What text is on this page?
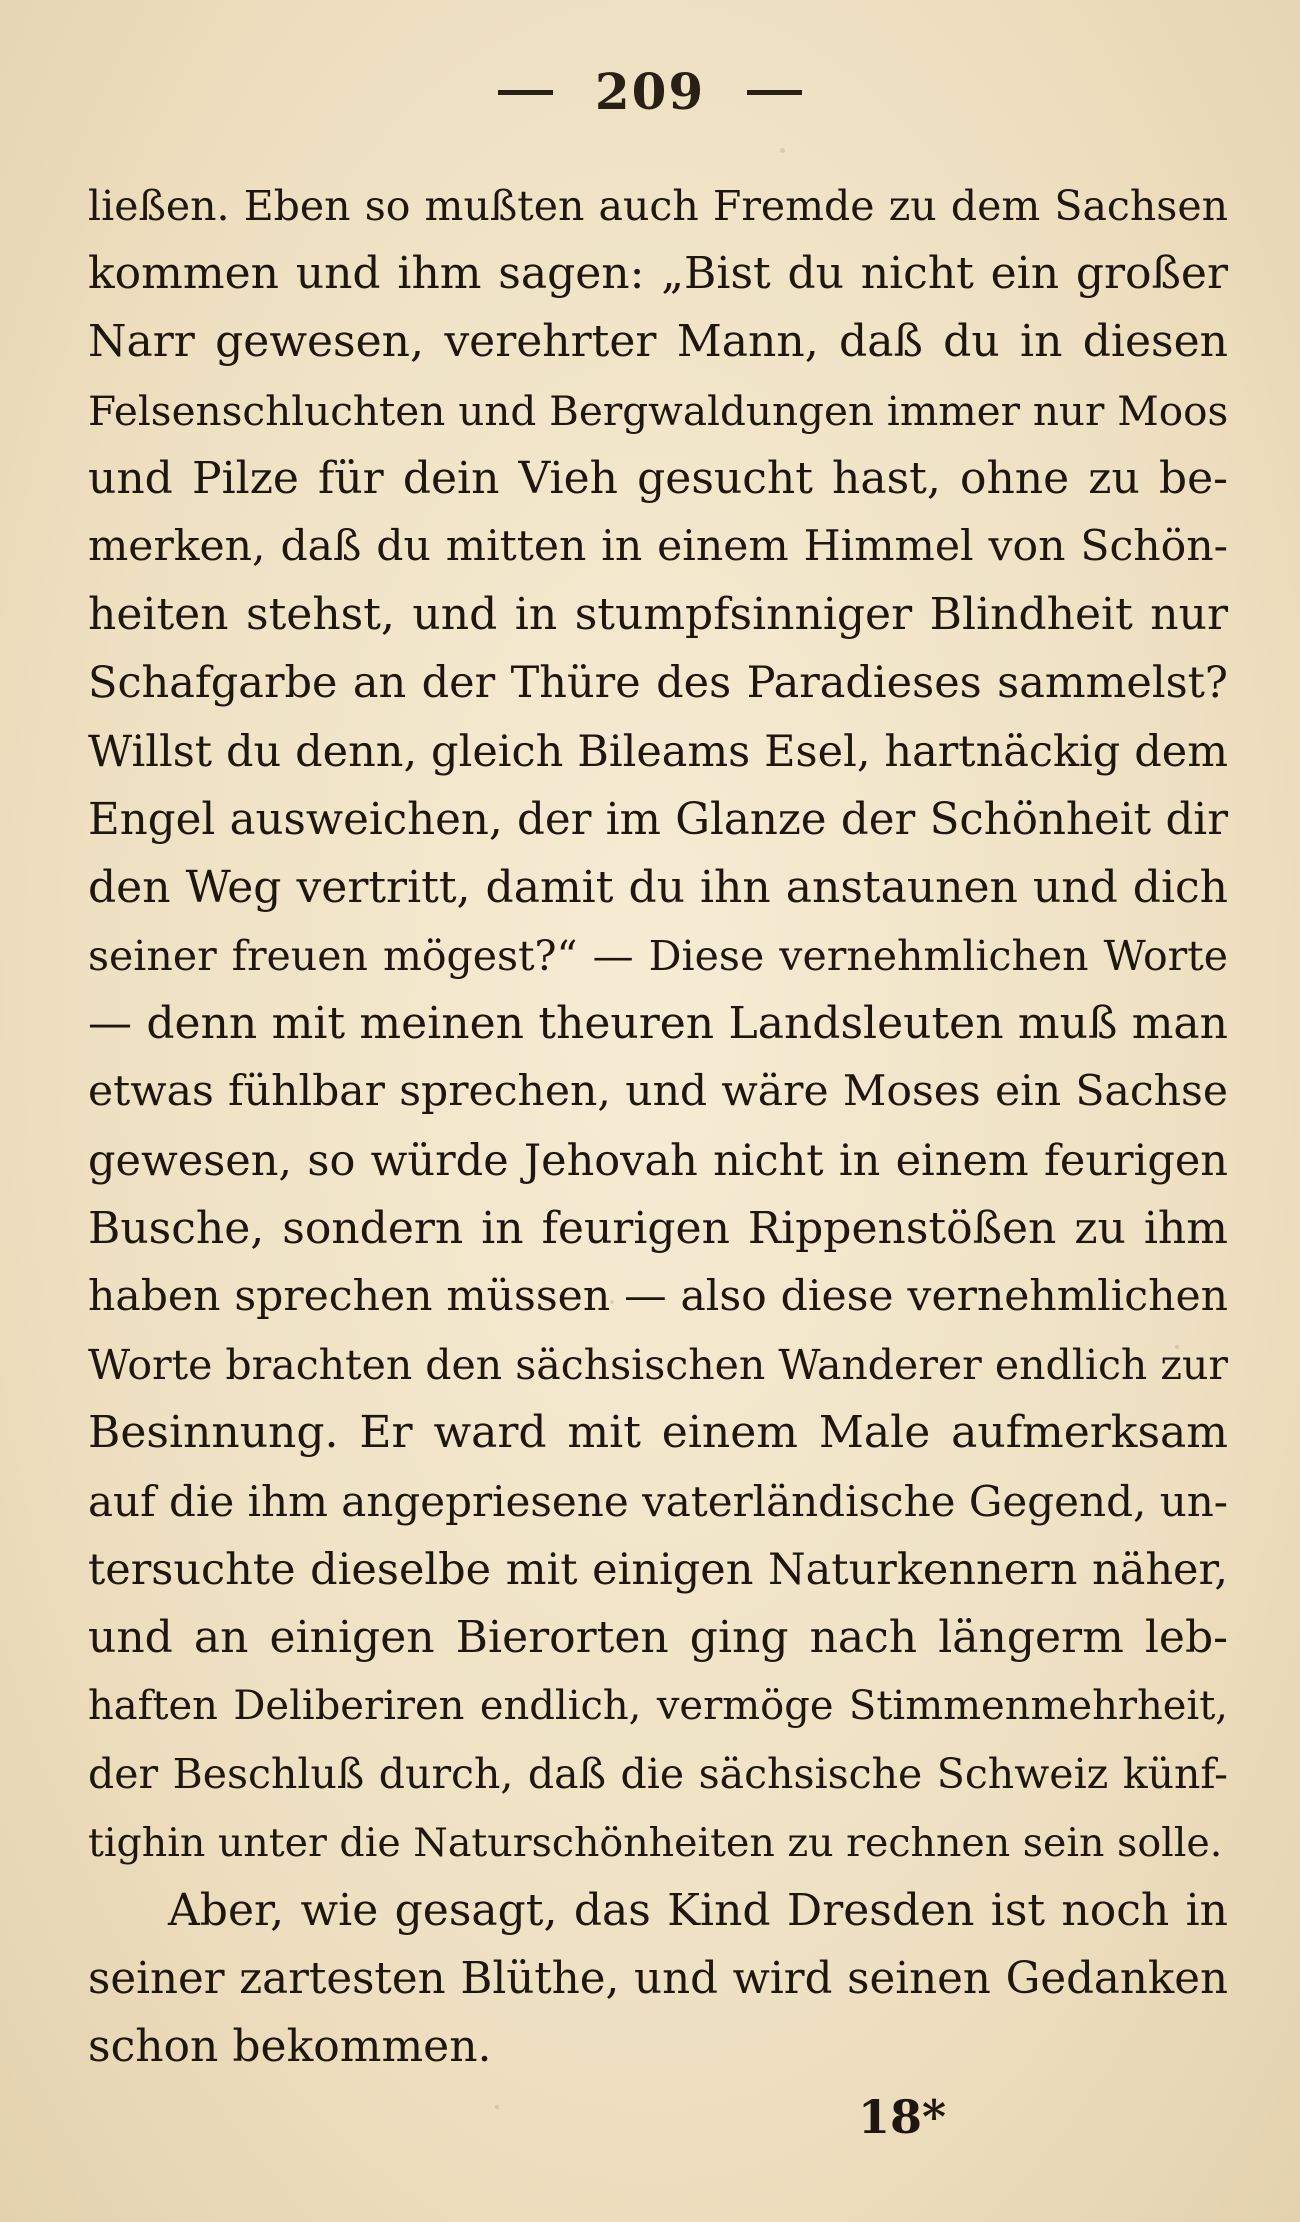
209
ließen. Eben so mußten auch Fremde zu dem Sachsen
kommen und ihm sagen: „Bist du nicht ein großer
Narr gewesen, verehrter Mann, daß du in diesen
Felsenschluchten und Bergwaldungen immer nur Moos
und Pilze für dein Vieh gesucht hast, ohne zu be-
merken, daß du mitten in einem Himmel von Schön-
heiten stehst, und in stumpfsinniger Blindheit nur
Schafgarbe an der Thüre des Paradieses sammelst?
Willst du denn, gleich Bileams Esel, hartnäckig dem
Engel ausweichen, der im Glanze der Schönheit dir
den Weg vertritt, damit du ihn anstaunen und dich
seiner freuen mögest?“ — Diese vernehmlichen Worte
— denn mit meinen theuren Landsleuten muß man
etwas fühlbar sprechen, und wäre Moses ein Sachse
gewesen, so würde Jehovah nicht in einem feurigen
Busche, sondern in feurigen Rippenstößen zu ihm
haben sprechen müssen — also diese vernehmlichen
Worte brachten den sächsischen Wanderer endlich zur
Besinnung. Er ward mit einem Male aufmerksam
auf die ihm angepriesene vaterländische Gegend, un-
tersuchte dieselbe mit einigen Naturkennern näher,
und an einigen Bierorten ging nach längerm leb-
haften Deliberiren endlich, vermöge Stimmenmehrheit,
der Beschluß durch, daß die sächsische Schweiz künf-
tighin unter die Naturschönheiten zu rechnen sein solle.
Aber, wie gesagt, das Kind Dresden ist noch in
seiner zartesten Blüthe, und wird seinen Gedanken
schon bekommen.
18*
